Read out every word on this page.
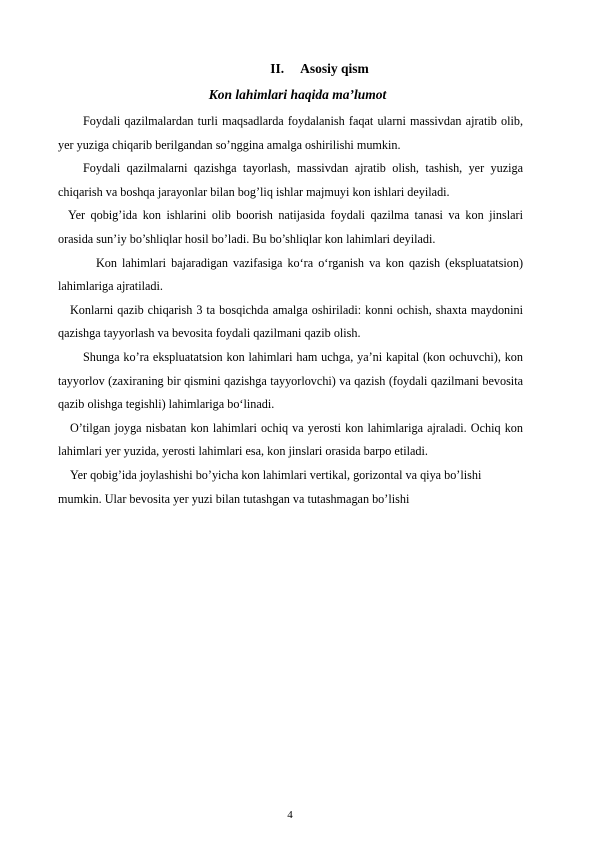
II. Asosiy qism
Kon lahimlari haqida ma’lumot

Foydali qazilmalardan turli maqsadlarda foydalanish faqat ularni massivdan ajratib olib, yer yuziga chiqarib berilgandan so’nggina amalga oshirilishi mumkin.

Foydali qazilmalarni qazishga tayorlash, massivdan ajratib olish, tashish, yer yuziga chiqarish va boshqa jarayonlar bilan bog’liq ishlar majmuyi kon ishlari deyiladi.

Yer qobig’ida kon ishlarini olib boorish natijasida foydali qazilma tanasi va kon jinslari orasida sun’iy bo’shliqlar hosil bo’ladi. Bu bo’shliqlar kon lahimlari deyiladi.

Kon lahimlari bajaradigan vazifasiga ko‘ra o‘rganish va kon qazish (ekspluatatsion) lahimlariga ajratiladi.

Konlarni qazib chiqarish 3 ta bosqichda amalga oshiriladi: konni ochish, shaxta maydonini qazishga tayyorlash va bevosita foydali qazilmani qazib olish.

Shunga ko’ra ekspluatatsion kon lahimlari ham uchga, ya’ni kapital (kon ochuvchi), kon tayyorlov (zaxiraning bir qismini qazishga tayyorlovchi) va qazish (foydali qazilmani bevosita qazib olishga tegishli) lahimlariga bo‘linadi.

O’tilgan joyga nisbatan kon lahimlari ochiq va yerosti kon lahimlariga ajraladi. Ochiq kon lahimlari yer yuzida, yerosti lahimlari esa, kon jinslari orasida barpo etiladi.

Yer qobig’ida joylashishi bo’yicha kon lahimlari vertikal, gorizontal va qiya bo’lishi mumkin. Ular bevosita yer yuzi bilan tutashgan va tutashmagan bo’lishi

4
